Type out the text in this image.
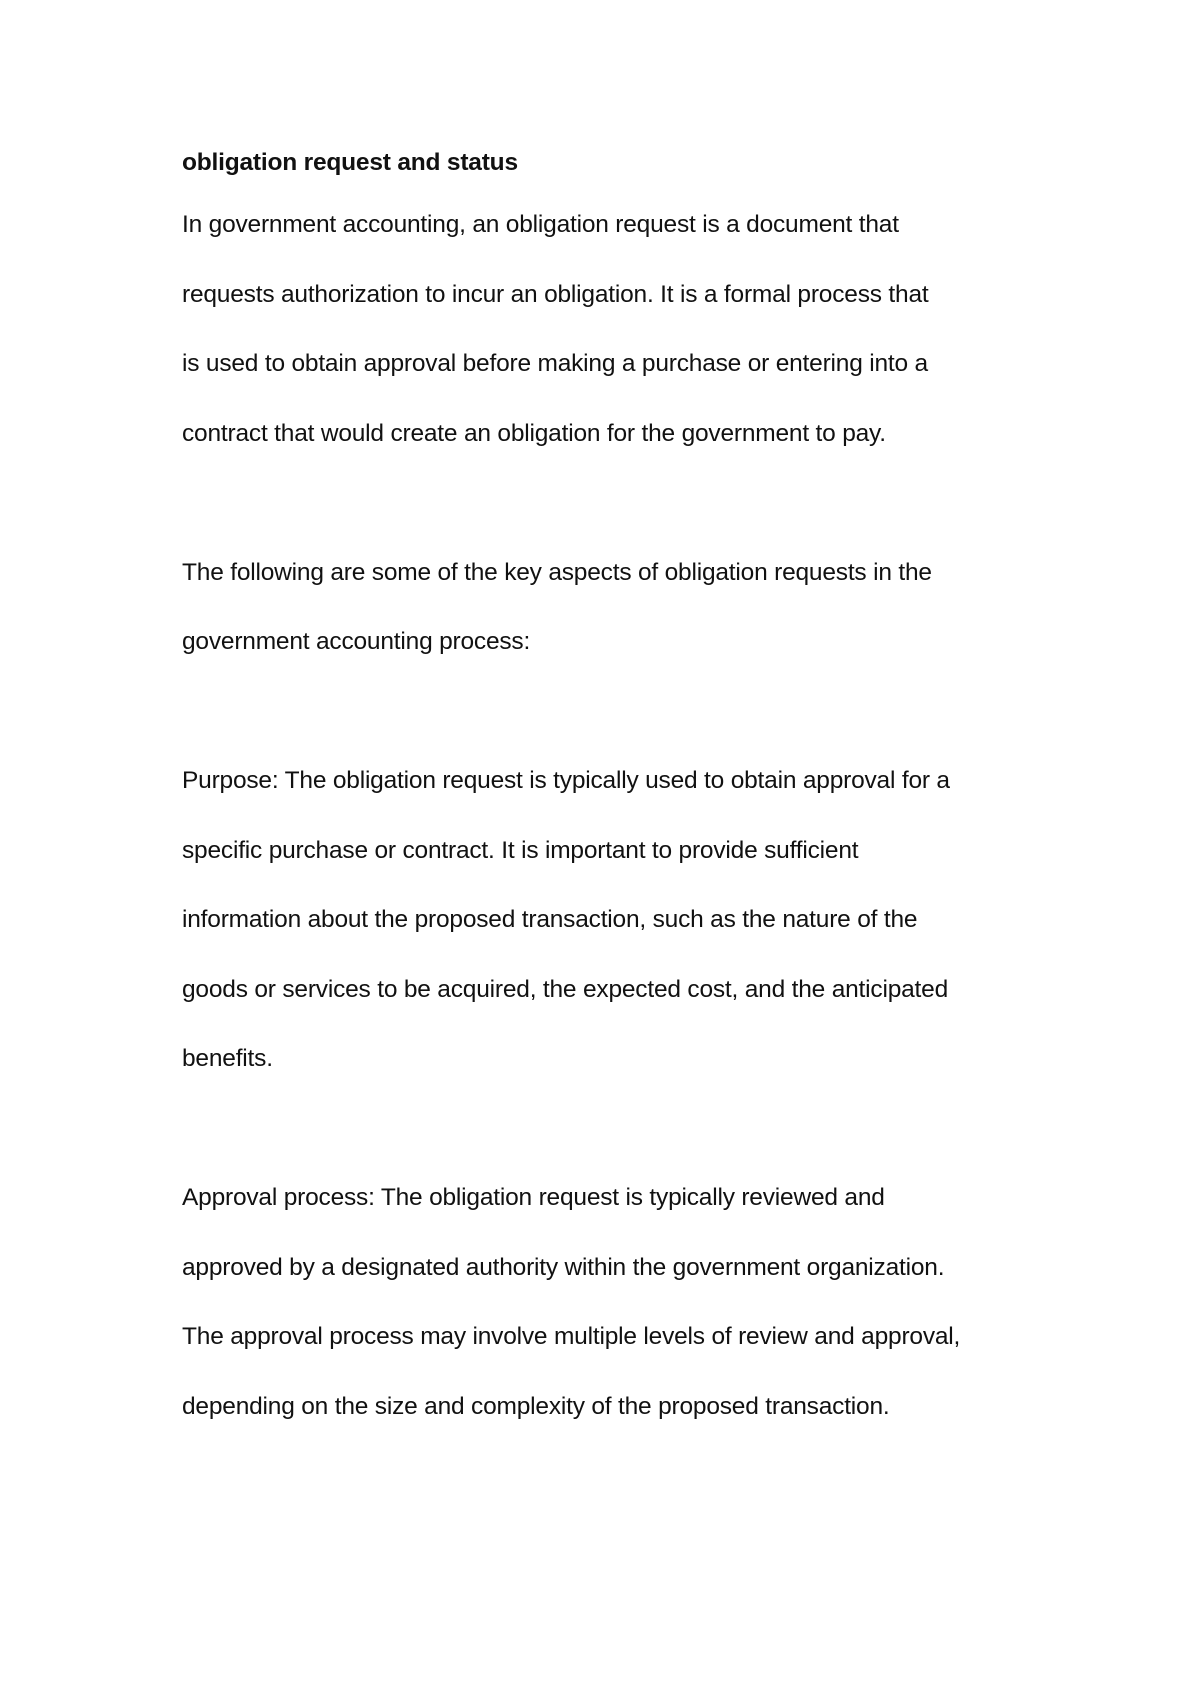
obligation request and status
In government accounting, an obligation request is a document that
requests authorization to incur an obligation. It is a formal process that
is used to obtain approval before making a purchase or entering into a
contract that would create an obligation for the government to pay.
The following are some of the key aspects of obligation requests in the
government accounting process:
Purpose: The obligation request is typically used to obtain approval for a
specific purchase or contract. It is important to provide sufficient
information about the proposed transaction, such as the nature of the
goods or services to be acquired, the expected cost, and the anticipated
benefits.
Approval process: The obligation request is typically reviewed and
approved by a designated authority within the government organization.
The approval process may involve multiple levels of review and approval,
depending on the size and complexity of the proposed transaction.
